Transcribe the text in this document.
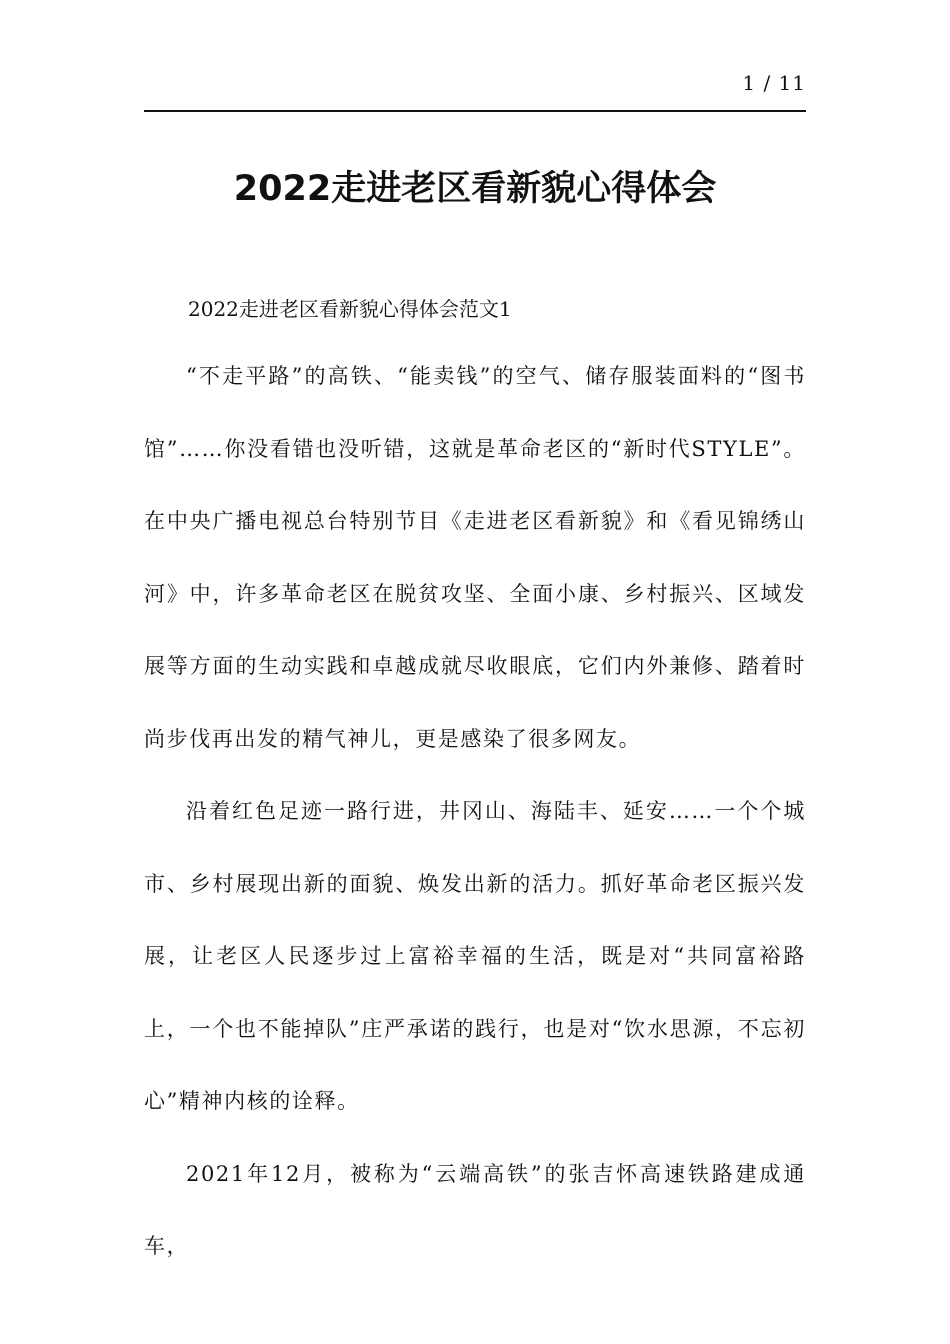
1 / 11
2022走进老区看新貌心得体会

2022走进老区看新貌心得体会范文1

“不走平路”的高铁、“能卖钱”的空气、储存服装面料的“图书馆”……你没看错也没听错，这就是革命老区的“新时代STYLE”。在中央广播电视总台特别节目《走进老区看新貌》和《看见锦绣山河》中，许多革命老区在脱贫攻坚、全面小康、乡村振兴、区域发展等方面的生动实践和卓越成就尽收眼底，它们内外兼修、踏着时尚步伐再出发的精气神儿，更是感染了很多网友。

沿着红色足迹一路行进，井冈山、海陆丰、延安……一个个城市、乡村展现出新的面貌、焕发出新的活力。抓好革命老区振兴发展，让老区人民逐步过上富裕幸福的生活，既是对“共同富裕路上，一个也不能掉队”庄严承诺的践行，也是对“饮水思源，不忘初心”精神内核的诠释。

2021年12月，被称为“云端高铁”的张吉怀高速铁路建成通车，
